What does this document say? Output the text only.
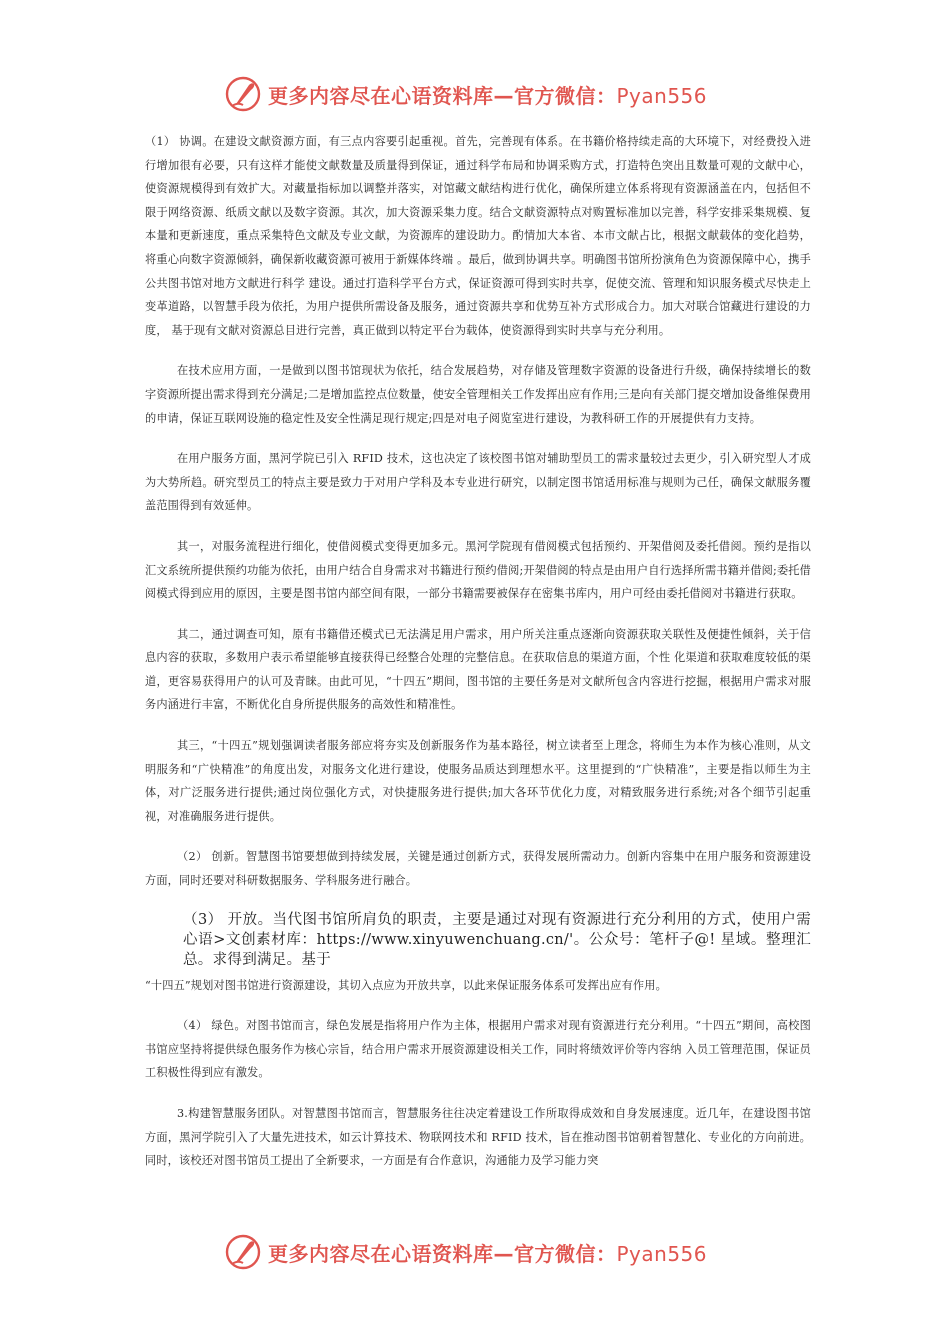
更多内容尽在心语资料库—官方微信：Pyan556

（1） 协调。在建设文献资源方面，有三点内容要引起重视。首先，完善现有体系。在书籍价格持续走高的大环境下，对经费投入进行增加很有必要，只有这样才能使文献数量及质量得到保证，通过科学布局和协调采购方式，打造特色突出且数量可观的文献中心，使资源规模得到有效扩大。对藏量指标加以调整并落实，对馆藏文献结构进行优化，确保所建立体系将现有资源涵盖在内，包括但不限于网络资源、纸质文献以及数字资源。其次，加大资源采集力度。结合文献资源特点对购置标准加以完善，科学安排采集规模、复本量和更新速度，重点采集特色文献及专业文献，为资源库的建设助力。酌情加大本省、本市文献占比，根据文献载体的变化趋势，将重心向数字资源倾斜，确保新收藏资源可被用于新媒体终端 。最后，做到协调共享。明确图书馆所扮演角色为资源保障中心，携手公共图书馆对地方文献进行科学 建设。通过打造科学平台方式，保证资源可得到实时共享，促使交流、管理和知识服务模式尽快走上变革道路，以智慧手段为依托，为用户提供所需设备及服务，通过资源共享和优势互补方式形成合力。加大对联合馆藏进行建设的力度， 基于现有文献对资源总目进行完善，真正做到以特定平台为载体，使资源得到实时共享与充分利用。

在技术应用方面，一是做到以图书馆现状为依托，结合发展趋势，对存储及管理数字资源的设备进行升级，确保持续增长的数字资源所提出需求得到充分满足;二是增加监控点位数量，使安全管理相关工作发挥出应有作用;三是向有关部门提交增加设备维保费用的申请，保证互联网设施的稳定性及安全性满足现行规定;四是对电子阅览室进行建设，为教科研工作的开展提供有力支持。

在用户服务方面，黑河学院已引入 RFID 技术，这也决定了该校图书馆对辅助型员工的需求量较过去更少，引入研究型人才成为大势所趋。研究型员工的特点主要是致力于对用户学科及本专业进行研究，以制定图书馆适用标准与规则为己任，确保文献服务覆盖范围得到有效延伸。

其一，对服务流程进行细化，使借阅模式变得更加多元。黑河学院现有借阅模式包括预约、开架借阅及委托借阅。预约是指以汇文系统所提供预约功能为依托，由用户结合自身需求对书籍进行预约借阅;开架借阅的特点是由用户自行选择所需书籍并借阅;委托借阅模式得到应用的原因，主要是图书馆内部空间有限，一部分书籍需要被保存在密集书库内，用户可经由委托借阅对书籍进行获取。

其二，通过调查可知，原有书籍借还模式已无法满足用户需求，用户所关注重点逐渐向资源获取关联性及便捷性倾斜，关于信息内容的获取，多数用户表示希望能够直接获得已经整合处理的完整信息。在获取信息的渠道方面，个性 化渠道和获取难度较低的渠道，更容易获得用户的认可及青睐。由此可见，“十四五”期间，图书馆的主要任务是对文献所包含内容进行挖掘，根据用户需求对服务内涵进行丰富，不断优化自身所提供服务的高效性和精准性。

其三，“十四五”规划强调读者服务部应将夯实及创新服务作为基本路径，树立读者至上理念，将师生为本作为核心准则，从文明服务和“广快精准”的角度出发，对服务文化进行建设，使服务品质达到理想水平。这里提到的“广快精准”，主要是指以师生为主体，对广泛服务进行提供;通过岗位强化方式，对快捷服务进行提供;加大各环节优化力度，对精致服务进行系统;对各个细节引起重视，对准确服务进行提供。

（2） 创新。智慧图书馆要想做到持续发展，关键是通过创新方式，获得发展所需动力。创新内容集中在用户服务和资源建设方面，同时还要对科研数据服务、学科服务进行融合。

（3） 开放。当代图书馆所肩负的职责，主要是通过对现有资源进行充分利用的方式，使用户需心语>文创素材库：https://www.xinyuwenchuang.cn/'。公众号：笔杆子@! 星域。整理汇总。求得到满足。基于

“十四五”规划对图书馆进行资源建设，其切入点应为开放共享，以此来保证服务体系可发挥出应有作用。

（4） 绿色。对图书馆而言，绿色发展是指将用户作为主体，根据用户需求对现有资源进行充分利用。“十四五”期间，高校图书馆应坚持将提供绿色服务作为核心宗旨，结合用户需求开展资源建设相关工作，同时将绩效评价等内容纳 入员工管理范围，保证员工积极性得到应有激发。

3.构建智慧服务团队。对智慧图书馆而言，智慧服务往往决定着建设工作所取得成效和自身发展速度。近几年，在建设图书馆方面，黑河学院引入了大量先进技术，如云计算技术、物联网技术和 RFID 技术，旨在推动图书馆朝着智慧化、专业化的方向前进。同时，该校还对图书馆员工提出了全新要求，一方面是有合作意识，沟通能力及学习能力突

更多内容尽在心语资料库—官方微信：Pyan556
